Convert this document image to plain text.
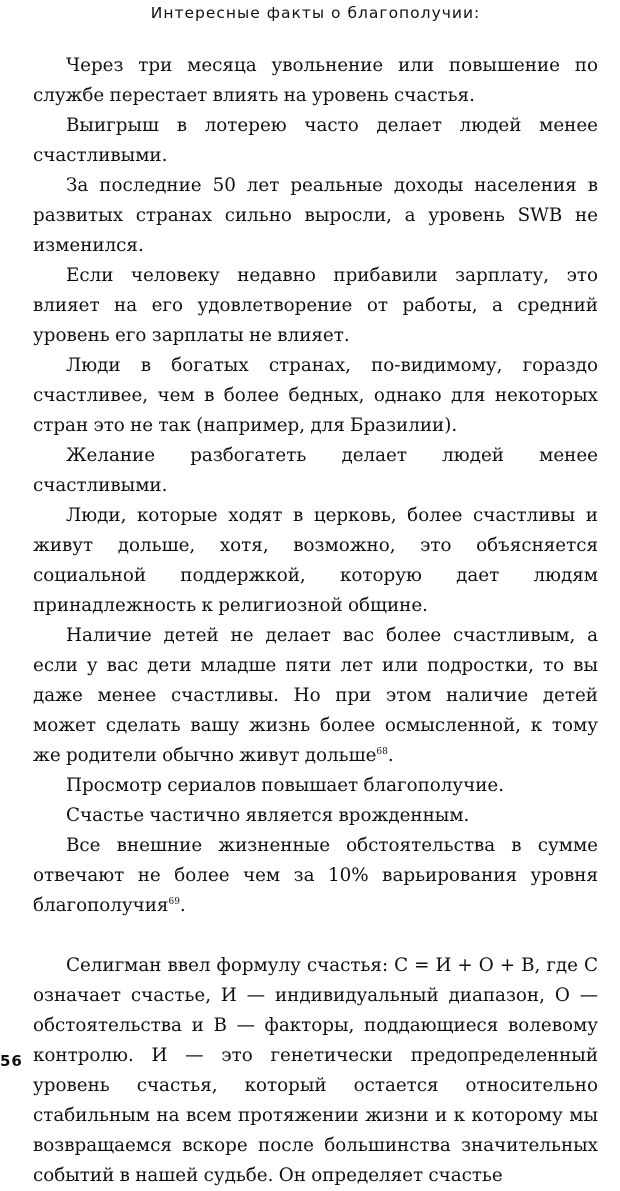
Интересные факты о благополучии:

Через три месяца увольнение или повышение по службе перестает влиять на уровень счастья.

Выигрыш в лотерею часто делает людей менее счастливыми.

За последние 50 лет реальные доходы населения в развитых странах сильно выросли, а уровень SWB не изменился.

Если человеку недавно прибавили зарплату, это влияет на его удовлетворение от работы, а средний уровень его зарплаты не влияет.

Люди в богатых странах, по-видимому, гораздо счастливее, чем в более бедных, однако для некоторых стран это не так (например, для Бразилии).

Желание разбогатеть делает людей менее счастливыми.

Люди, которые ходят в церковь, более счастливы и живут дольше, хотя, возможно, это объясняется социальной поддержкой, которую дает людям принадлежность к религиозной общине.

Наличие детей не делает вас более счастливым, а если у вас дети младше пяти лет или подростки, то вы даже менее счастливы. Но при этом наличие детей может сделать вашу жизнь более осмысленной, к тому же родители обычно живут дольше$^{68}$.

Просмотр сериалов повышает благополучие.

Счастье частично является врожденным.

Все внешние жизненные обстоятельства в сумме отвечают не более чем за 10% варьирования уровня благополучия$^{69}$.

Селигман ввел формулу счастья: С = И + О + В, где С означает счастье, И — индивидуальный диапазон, О — обстоятельства и В — факторы, поддающиеся волевому контролю. И — это генетически предопределенный уровень счастья, который остается относительно стабильным на всем протяжении жизни и к которому мы возвращаемся вскоре после большинства значительных событий в нашей судьбе. Он определяет счастье

56
